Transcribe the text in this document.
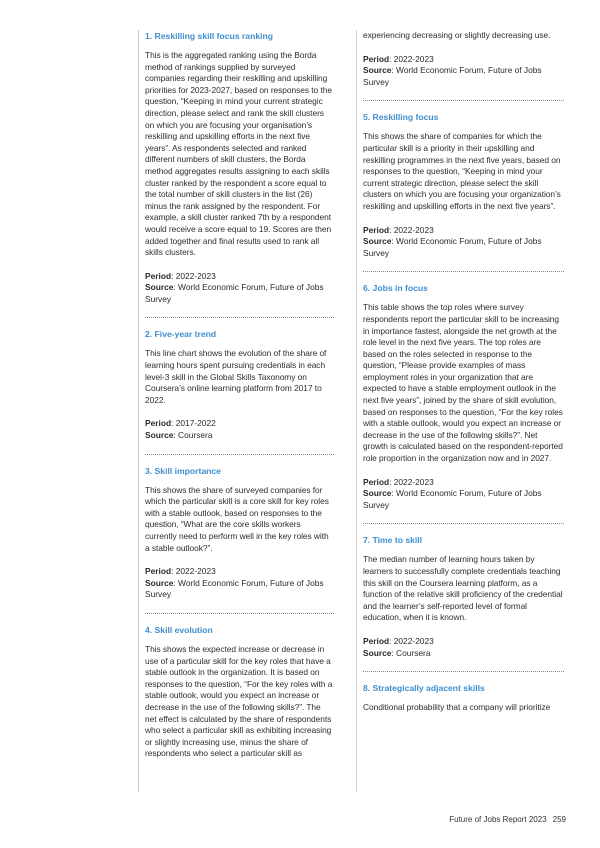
1. Reskilling skill focus ranking

This is the aggregated ranking using the Borda method of rankings supplied by surveyed companies regarding their reskilling and upskilling priorities for 2023-2027, based on responses to the question, “Keeping in mind your current strategic direction, please select and rank the skill clusters on which you are focusing your organisation’s reskilling and upskilling efforts in the next five years”. As respondents selected and ranked different numbers of skill clusters, the Borda method aggregates results assigning to each skills cluster ranked by the respondent a score equal to the total number of skill clusters in the list (26) minus the rank assigned by the respondent. For example, a skill cluster ranked 7th by a respondent would receive a score equal to 19. Scores are then added together and final results used to rank all skills clusters.

Period: 2022-2023
Source: World Economic Forum, Future of Jobs Survey
2. Five-year trend

This line chart shows the evolution of the share of learning hours spent pursuing credentials in each level-3 skill in the Global Skills Taxonomy on Coursera’s online learning platform from 2017 to 2022.

Period: 2017-2022
Source: Coursera
3. Skill importance

This shows the share of surveyed companies for which the particular skill is a core skill for key roles with a stable outlook, based on responses to the question, “What are the core skills workers currently need to perform well in the key roles with a stable outlook?”.

Period: 2022-2023
Source: World Economic Forum, Future of Jobs Survey
4. Skill evolution

This shows the expected increase or decrease in use of a particular skill for the key roles that have a stable outlook in the organization. It is based on responses to the question, “For the key roles with a stable outlook, would you expect an increase or decrease in the use of the following skills?”. The net effect is calculated by the share of respondents who select a particular skill as exhibiting increasing or slightly increasing use, minus the share of respondents who select a particular skill as

experiencing decreasing or slightly decreasing use.

Period: 2022-2023
Source: World Economic Forum, Future of Jobs Survey
5. Reskilling focus

This shows the share of companies for which the particular skill is a priority in their upskilling and reskilling programmes in the next five years, based on responses to the question, “Keeping in mind your current strategic direction, please select the skill clusters on which you are focusing your organization’s reskilling and upskilling efforts in the next five years”.

Period: 2022-2023
Source: World Economic Forum, Future of Jobs Survey
6. Jobs in focus

This table shows the top roles where survey respondents report the particular skill to be increasing in importance fastest, alongside the net growth at the role level in the next five years. The top roles are based on the roles selected in response to the question, “Please provide examples of mass employment roles in your organization that are expected to have a stable employment outlook in the next five years”, joined by the share of skill evolution, based on responses to the question, “For the key roles with a stable outlook, would you expect an increase or decrease in the use of the following skills?”. Net growth is calculated based on the respondent-reported role proportion in the organization now and in 2027.

Period: 2022-2023
Source: World Economic Forum, Future of Jobs Survey
7. Time to skill

The median number of learning hours taken by learners to successfully complete credentials teaching this skill on the Coursera learning platform, as a function of the relative skill proficiency of the credential and the learner’s self-reported level of formal education, when it is known.

Period: 2022-2023
Source: Coursera
8. Strategically adjacent skills

Conditional probability that a company will prioritize

Future of Jobs Report 2023 259
